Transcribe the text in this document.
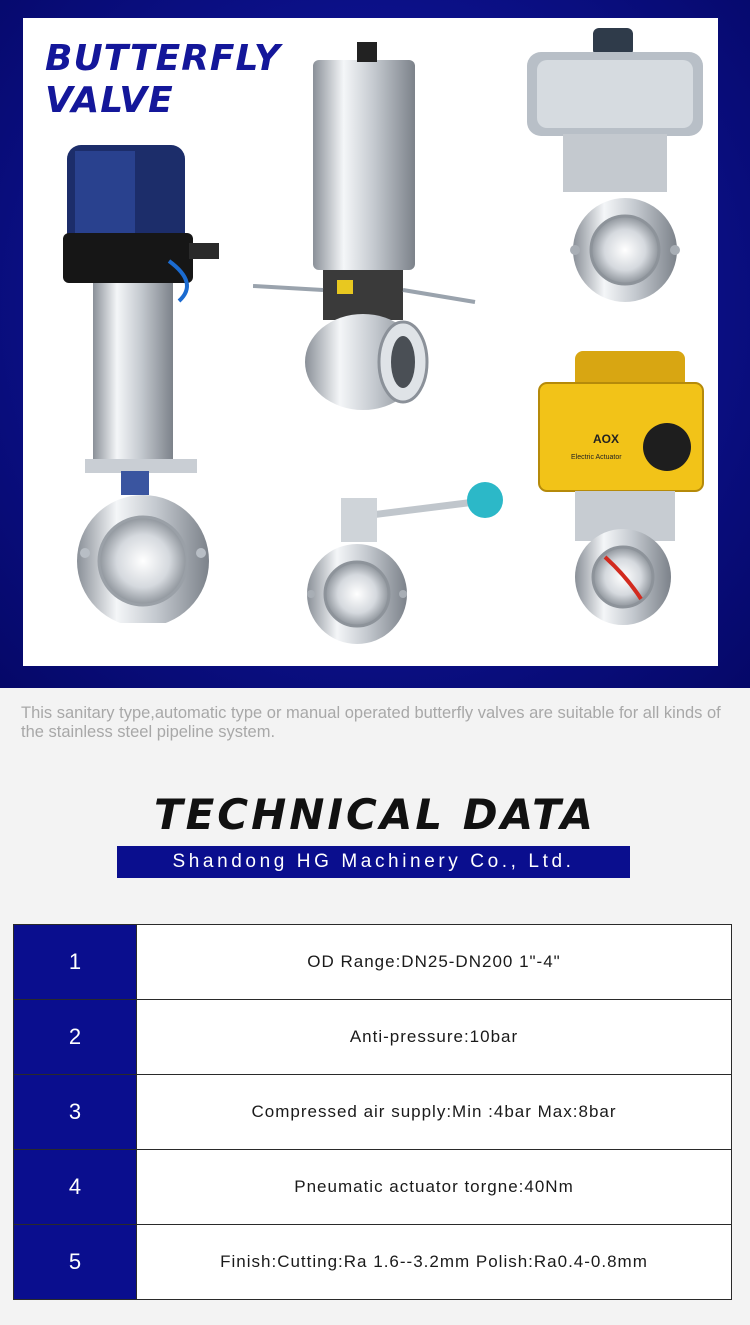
BUTTERFLY
VALVE
AOX
Electric Actuator

This sanitary type,automatic type or manual operated butterfly valves are suitable for all kinds of the stainless steel pipeline system.

TECHNICAL DATA
Shandong HG Machinery Co., Ltd.
1	OD Range:DN25-DN200 1"-4"
2	Anti-pressure:10bar
3	Compressed air supply:Min :4bar Max:8bar
4	Pneumatic actuator torgne:40Nm
5	Finish:Cutting:Ra 1.6--3.2mm Polish:Ra0.4-0.8mm
